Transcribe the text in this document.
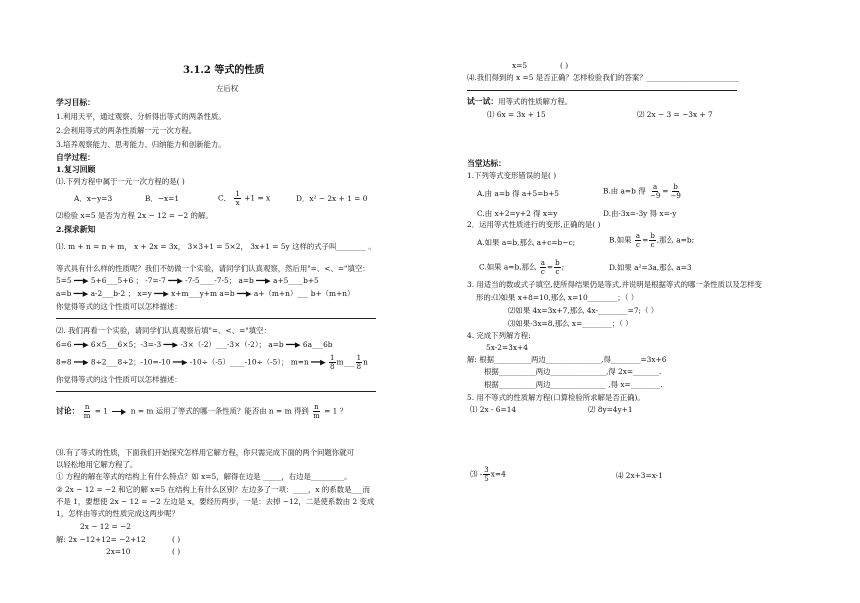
3.1.2 等式的性质
左后权
学习目标：
1.利用天平，通过观察、分析得出等式的两条性质。
2.会利用等式的两条性质解一元一次方程。
3.培养观察能力、思考能力、归纳能力和创新能力。
自学过程：
1.复习回顾
⑴.下列方程中属于一元一次方程的是( )
A．x−y=3	B．−x=1	C． $\frac{1}{x} +1 = x$	D．x² − 2x + 1 = 0
⑵检验 x=5 是否为方程 2x − 12 = −2 的解。
2.探求新知
⑴. m + n = n + m， x + 2x = 3x， 3×3+1 = 5×2， 3x+1 = 5y 这样的式子叫________ 。
等式具有什么样的性质呢？我们不妨做一个实验，请同学们认真观察，然后用"=、<、="填空：
5=5 ━━▶ 5+6___5+6 ； -7=-7 ━━▶ -7-5____-7-5； a=b ━━▶ a+5____b+5
a=b ━━▶ a-2___b-2 ； x=y ━━▶ x+m___y+m a=b ━━▶ a+（m+n）___ b+（m+n）
你觉得等式的这个性质可以怎样描述：
⑵. 我们再看一个实验，请同学们认真观察后填"=、<、="填空：
6=6 ━━▶ 6×5___6×5；-3=-3 ━━▶ -3×（-2）___-3×（-2）； a=b ━━▶ 6a___6b
8=8 ━━▶ 8÷2___8÷2；-10=-10 ━━▶ -10÷（-5）____-10÷（-5）； m=n ━━▶ $\frac{1}{8}$ m___ $\frac{1}{8}$ n
你觉得等式的这个性质可以怎样描述：
讨论： $\frac{n}{m} = 1$	n = m 运用了等式的哪一条性质？能否由 n = m 得到 $\frac{n}{m} = 1$ ？
⑶.有了等式的性质，下面我们开始探究怎样用它解方程，你只需完成下面的两个问题你就可
以轻松地用它解方程了。
① 方程的解在等式的结构上有什么特点？如 x=5，解得在边是 _____，右边是_________。
② 2x − 12 = −2 和它的解 x=5 在结构上有什么区别？左边多了一项：____，x 的系数是___而
不是 1，要想使 2x − 12 = −2 左边是 x，要经历两步，一是：去掉 −12，二是使系数由 2 变成
1，怎样由等式的性质完成这两步呢？
2x − 12 = −2
解: 2x −12+12= −2+12	( )
2x=10	( )
x=5	( )
⑷.我们得到的 x =5 是否正确？怎样检验我们的答案？_________________________
试一试：用等式的性质解方程。
⑴ 6x = 3x + 15	⑵ 2x − 3 = −3x + 7
当堂达标：
1.下列等式变形错误的是( )
A.由 a=b 得 a+5=b+5	B.由 a=b 得 $\frac{a}{-9} = \frac{b}{-9}$
C.由 x+2=y+2 得 x=y	D.由-3x=-3y 得 x=-y
2．运用等式性质进行的变形,正确的是( )
A.如果 a=b,那么 a+c=b−c;	B.如果 $\frac{a}{c} = \frac{b}{c}$ ,那么 a=b;
C.如果 a=b,那么 $\frac{a}{c} = \frac{b}{c}$ ;	D.如果 a²=3a,那么 a=3
3. 用适当的数或式子填空,使所得结果仍是等式,并说明是根据等式的哪一条性质以及怎样变
形的:⑴如果 x+8=10,那么 x=10________；（ ）
⑵如果 4x=3x+7,那么 4x-________=7;（ ）
⑶如果-3x=8,那么 x=________；（ ）
4. 完成下列解方程:
5x-2=3x+4
解: 根据__________两边_______________,得________=3x+6
根据__________两边_______________,得 2x=_______.
根据__________两边_______________ ,得 x=________.
5. 用不等式的性质解方程(口算检验所求解是否正确)。
⑴ 2x - 6=14	⑵ 8y=4y+1
⑶ - $\frac{3}{5} x=4$	⑷ 2x+3=x-1
